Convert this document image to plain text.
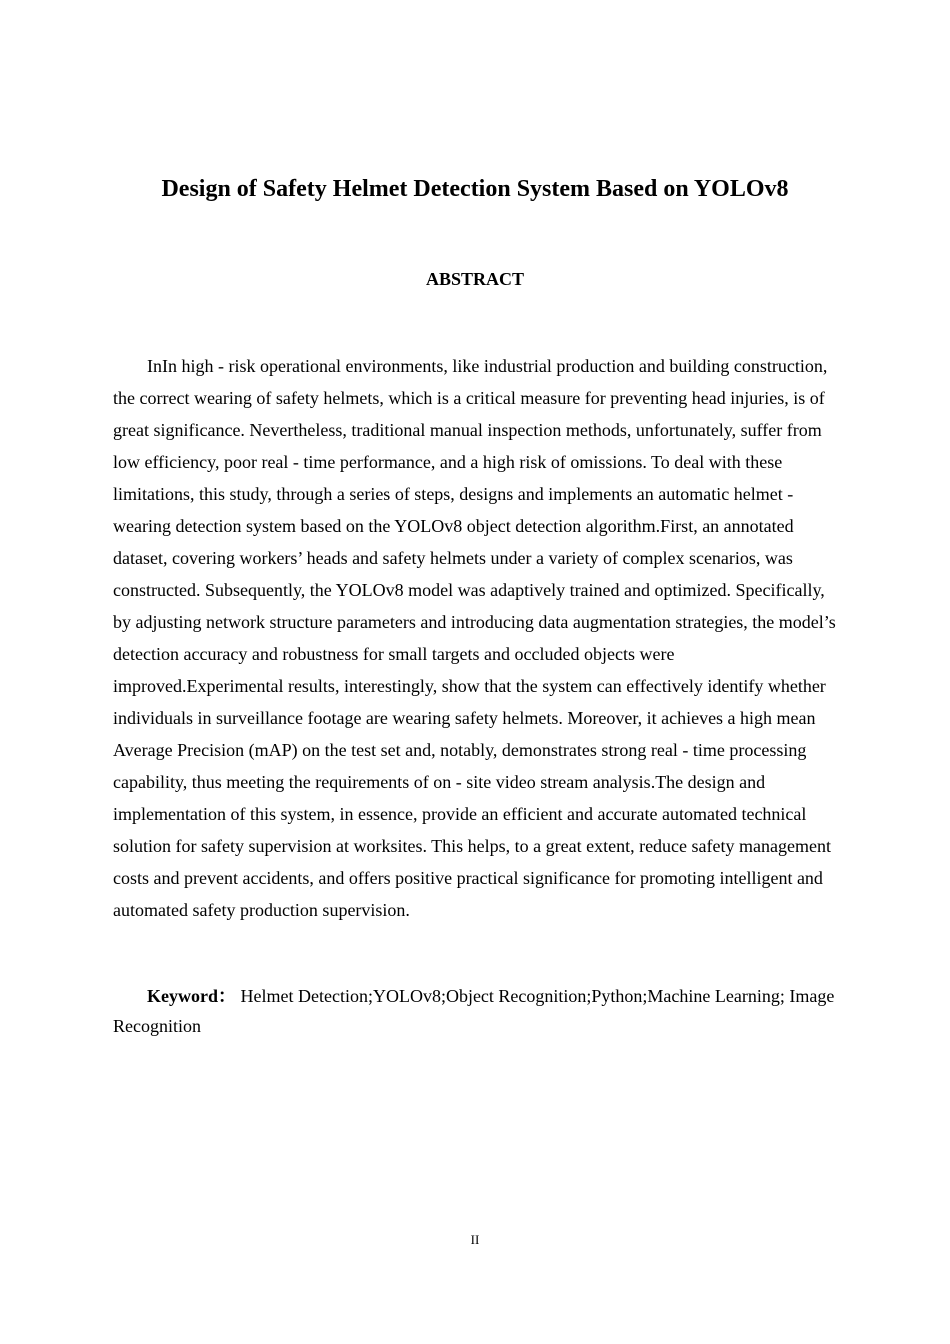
Design of Safety Helmet Detection System Based on YOLOv8
ABSTRACT

InIn high - risk operational environments, like industrial production and building construction, the correct wearing of safety helmets, which is a critical measure for preventing head injuries, is of great significance. Nevertheless, traditional manual inspection methods, unfortunately, suffer from low efficiency, poor real - time performance, and a high risk of omissions. To deal with these limitations, this study, through a series of steps, designs and implements an automatic helmet - wearing detection system based on the YOLOv8 object detection algorithm.First, an annotated dataset, covering workers’ heads and safety helmets under a variety of complex scenarios, was constructed. Subsequently, the YOLOv8 model was adaptively trained and optimized. Specifically, by adjusting network structure parameters and introducing data augmentation strategies, the model’s detection accuracy and robustness for small targets and occluded objects were improved.Experimental results, interestingly, show that the system can effectively identify whether individuals in surveillance footage are wearing safety helmets. Moreover, it achieves a high mean Average Precision (mAP) on the test set and, notably, demonstrates strong real - time processing capability, thus meeting the requirements of on - site video stream analysis.The design and implementation of this system, in essence, provide an efficient and accurate automated technical solution for safety supervision at worksites. This helps, to a great extent, reduce safety management costs and prevent accidents, and offers positive practical significance for promoting intelligent and automated safety production supervision.

Keyword： Helmet Detection;YOLOv8;Object Recognition;Python;Machine Learning; Image Recognition

II
